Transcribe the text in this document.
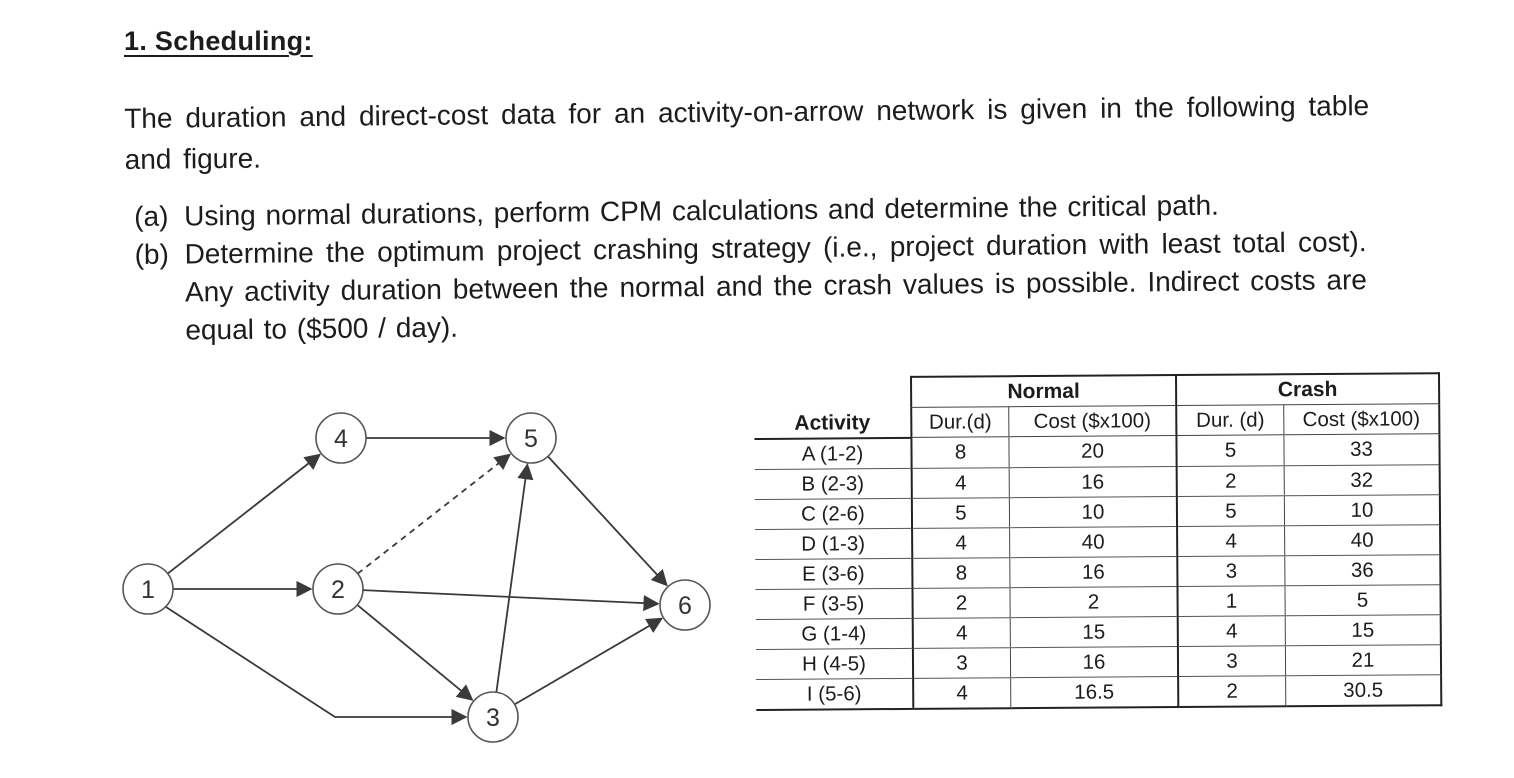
1. Scheduling:

The duration and direct-cost data for an activity-on-arrow network is given in the following table and figure.

(a) Using normal durations, perform CPM calculations and determine the critical path.
(b) Determine the optimum project crashing strategy (i.e., project duration with least total cost). Any activity duration between the normal and the crash values is possible. Indirect costs are equal to ($500 / day).
1	2
3
4	5
6
	Normal		Crash	
Activity	Dur.(d)	Cost ($x100)	Dur. (d)	Cost ($x100)
A (1-2)	8	20	5	33
B (2-3)	4	16	2	32
C (2-6)	5	10	5	10
D (1-3)	4	40	4	40
E (3-6)	8	16	3	36
F (3-5)	2	2	1	5
G (1-4)	4	15	4	15
H (4-5)	3	16	3	21
I (5-6)	4	16.5	2	30.5
